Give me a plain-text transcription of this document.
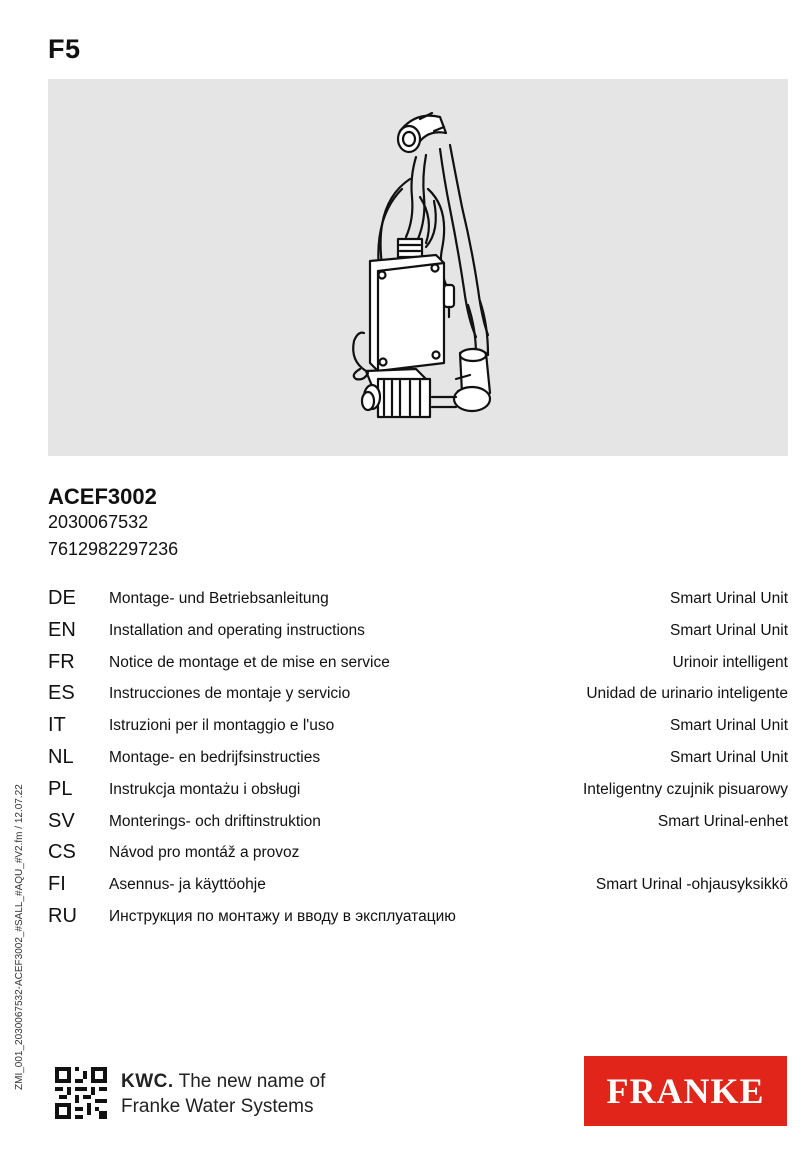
F5
ACEF3002
2030067532
7612982297236
DE Montage- und Betriebsanleitung	Smart Urinal Unit
EN Installation and operating instructions	Smart Urinal Unit
FR Notice de montage et de mise en service	Urinoir intelligent
ES Instrucciones de montaje y servicio	Unidad de urinario inteligente
IT	Istruzioni per il montaggio e l'uso	Smart Urinal Unit
NL Montage- en bedrijfsinstructies	Smart Urinal Unit
PL Instrukcja montażu i obsługi	Inteligentny czujnik pisuarowy
SV Monterings- och driftinstruktion	Smart Urinal-enhet
CS Návod pro montáž a provoz
FI	Asennus- ja käyttöohje	Smart Urinal -ohjausyksikkö
RU Инструкция по монтажу и вводу в эксплуатацию
ZMI_001_2030067532-ACEF3002_#SALL_#AQU_#V2.fm / 12.07.22	KWC. The new name of
Franke Water Systems	FRANKE
